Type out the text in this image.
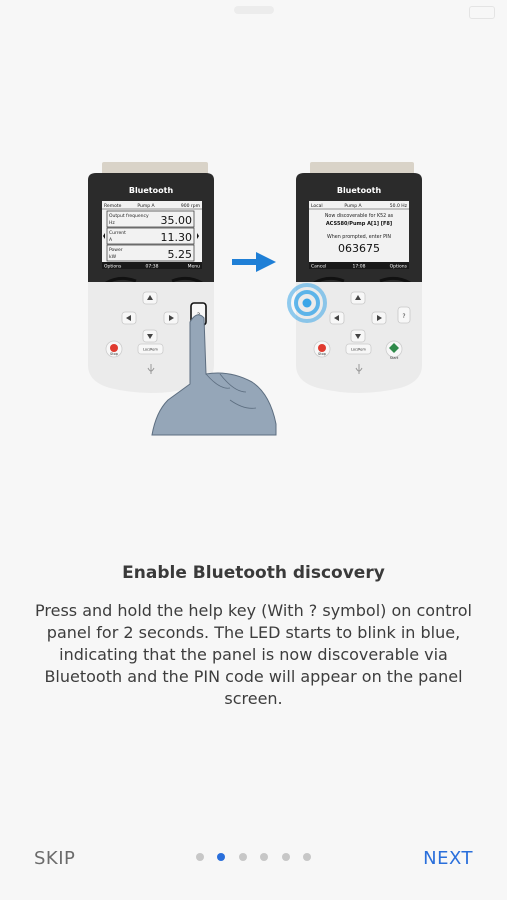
Bluetooth
Remote	Pump A	900 rpm
Output frequency
Hz	35.00
Current
A	11.30
Power
kW	5.25
Options	07:38	Menu
Stop
Loc/Rem
Bluetooth
Local	Pump A	50.0 Hz
Now discoverable for K52 as
ACS580/Pump A[1] [F8]
When prompted, enter PIN
063675
Cancel	17:08	Options
?
Stop
Loc/Rem
Start
Enable Bluetooth discovery
Press and hold the help key (With ? symbol) on control panel for 2 seconds. The LED starts to blink in blue, indicating that the panel is now discoverable via Bluetooth and the PIN code will appear on the panel screen.
SKIP	NEXT
